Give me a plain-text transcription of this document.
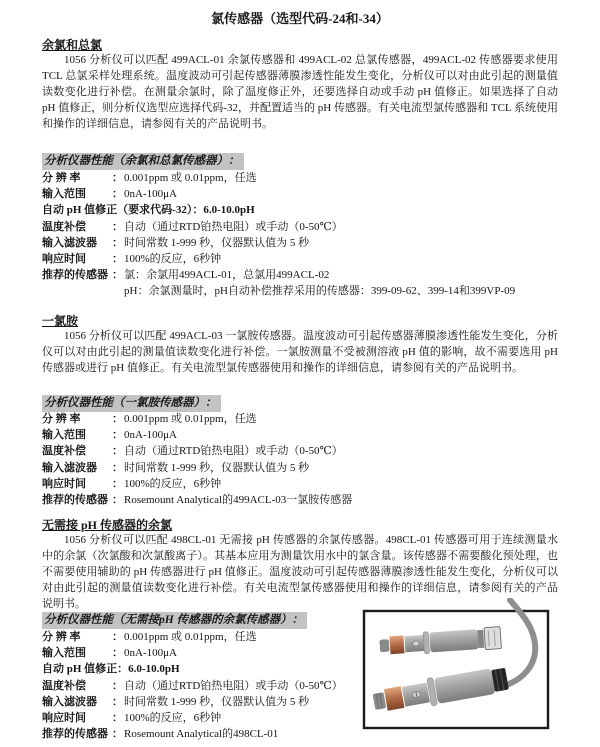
氯传感器（选型代码-24和-34）
余氯和总氯
1056 分析仪可以匹配 499ACL-01 余氯传感器和 499ACL-02 总氯传感器，499ACL-02 传感器要求使用 TCL 总氯采样处理系统。温度波动可引起传感器薄膜渗透性能发生变化，分析仪可以对由此引起的测量值读数变化进行补偿。在测量余氯时，除了温度修正外，还要选择自动或手动 pH 值修正。如果选择了自动 pH 值修正，则分析仪选型应选择代码-32，并配置适当的 pH 传感器。有关电流型氯传感器和 TCL 系统使用和操作的详细信息，请参阅有关的产品说明书。
分析仪器性能（余氯和总氯传感器）：
分 辨 率	： 0.001ppm 或 0.01ppm，任选
输入范围	： 0nA-100μA
自动 pH 值修正（要求代码-32）：6.0-10.0pH
温度补偿	： 自动（通过RTD铂热电阻）或手动（0-50℃）
输入滤波器	： 时间常数 1-999 秒，仪器默认值为 5 秒
响应时间	： 100%的反应，6秒钟
推荐的传感器 ： 氯：余氯用499ACL-01，总氯用499ACL-02
pH：余氯测量时，pH自动补偿推荐采用的传感器：399-09-62、399-14和399VP-09
一氯胺
1056 分析仪可以匹配 499ACL-03 一氯胺传感器。温度波动可引起传感器薄膜渗透性能发生变化，分析仪可以对由此引起的测量值读数变化进行补偿。一氯胺测量不受被测溶液 pH 值的影响，故不需要选用 pH 传感器或进行 pH 值修正。有关电流型氯传感器使用和操作的详细信息，请参阅有关的产品说明书。
分析仪器性能（一氯胺传感器）：
分 辨 率	： 0.001ppm 或 0.01ppm，任选
输入范围	： 0nA-100μA
温度补偿	： 自动（通过RTD铂热电阻）或手动（0-50℃）
输入滤波器	： 时间常数 1-999 秒，仪器默认值为 5 秒
响应时间	： 100%的反应，6秒钟
推荐的传感器 ： Rosemount Analytical的499ACL-03一氯胺传感器
无需接 pH 传感器的余氯
1056 分析仪可以匹配 498CL-01 无需接 pH 传感器的余氯传感器。498CL-01 传感器可用于连续测量水中的余氯（次氯酸和次氯酸离子）。其基本应用为测量饮用水中的氯含量。该传感器不需要酸化预处理，也不需要使用辅助的 pH 传感器进行 pH 值修正。温度波动可引起传感器薄膜渗透性能发生变化，分析仪可以对由此引起的测量值读数变化进行补偿。有关电流型氯传感器使用和操作的详细信息，请参阅有关的产品说明书。
分析仪器性能（无需接pH 传感器的余氯传感器）：
分 辨 率	： 0.001ppm 或 0.01ppm，任选
输入范围	： 0nA-100μA
自动 pH 值修正：6.0-10.0pH
温度补偿	： 自动（通过RTD铂热电阻）或手动（0-50℃）
输入滤波器	： 时间常数 1-999 秒，仪器默认值为 5 秒
响应时间	： 100%的反应，6秒钟
推荐的传感器 ： Rosemount Analytical的498CL-01
